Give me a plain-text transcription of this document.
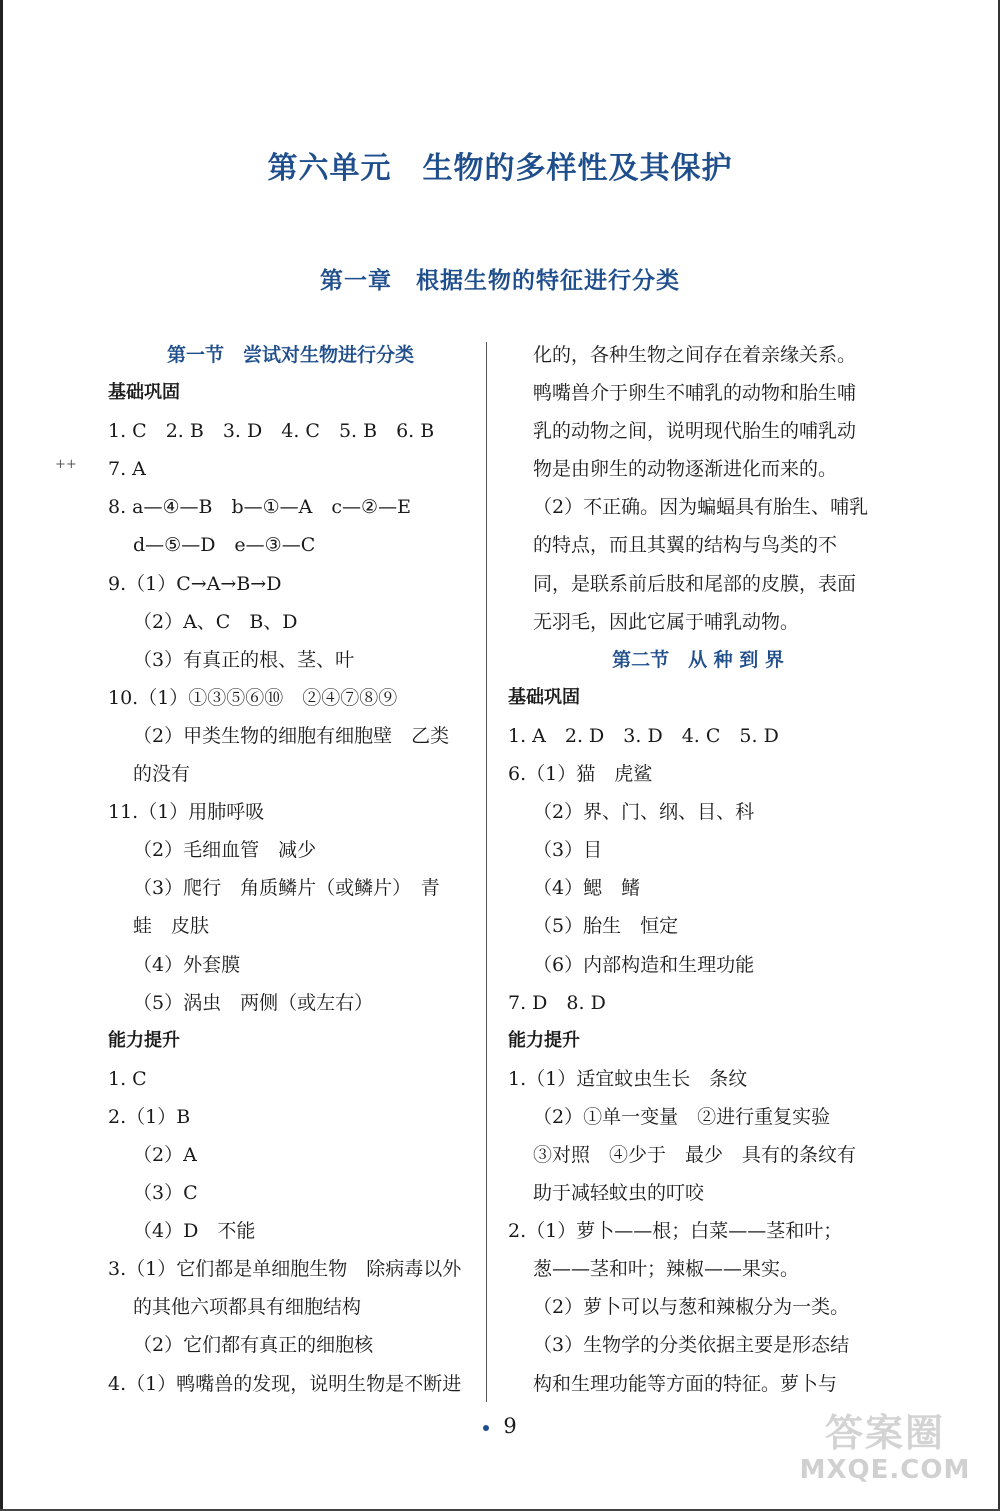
第六单元　生物的多样性及其保护
第一章　根据生物的特征进行分类
++
第一节　尝试对生物进行分类
基础巩固
1. C　2. B　3. D　4. C　5. B　6. B
7. A
8. a—④—B　b—①—A　c—②—E
d—⑤—D　e—③—C
9.（1）C→A→B→D
（2）A、C　B、D
（3）有真正的根、茎、叶
10.（1）①③⑤⑥⑩　②④⑦⑧⑨
（2）甲类生物的细胞有细胞壁　乙类
的没有
11.（1）用肺呼吸
（2）毛细血管　减少
（3）爬行　角质鳞片（或鳞片）　青
蛙　皮肤
（4）外套膜
（5）涡虫　两侧（或左右）
能力提升
1. C
2.（1）B
（2）A
（3）C
（4）D　不能
3.（1）它们都是单细胞生物　除病毒以外
的其他六项都具有细胞结构
（2）它们都有真正的细胞核
4.（1）鸭嘴兽的发现，说明生物是不断进
化的，各种生物之间存在着亲缘关系。
鸭嘴兽介于卵生不哺乳的动物和胎生哺
乳的动物之间，说明现代胎生的哺乳动
物是由卵生的动物逐渐进化而来的。
（2）不正确。因为蝙蝠具有胎生、哺乳
的特点，而且其翼的结构与鸟类的不
同，是联系前后肢和尾部的皮膜，表面
无羽毛，因此它属于哺乳动物。
第二节　从 种 到 界
基础巩固
1. A　2. D　3. D　4. C　5. D
6.（1）猫　虎鲨
（2）界、门、纲、目、科
（3）目
（4）鳃　鳍
（5）胎生　恒定
（6）内部构造和生理功能
7. D　8. D
能力提升
1.（1）适宜蚊虫生长　条纹
（2）①单一变量　②进行重复实验
③对照　④少于　最少　具有的条纹有
助于减轻蚊虫的叮咬
2.（1）萝卜——根；白菜——茎和叶；
葱——茎和叶；辣椒——果实。
（2）萝卜可以与葱和辣椒分为一类。
（3）生物学的分类依据主要是形态结
构和生理功能等方面的特征。萝卜与
9	答案圈
MXQE.COM
